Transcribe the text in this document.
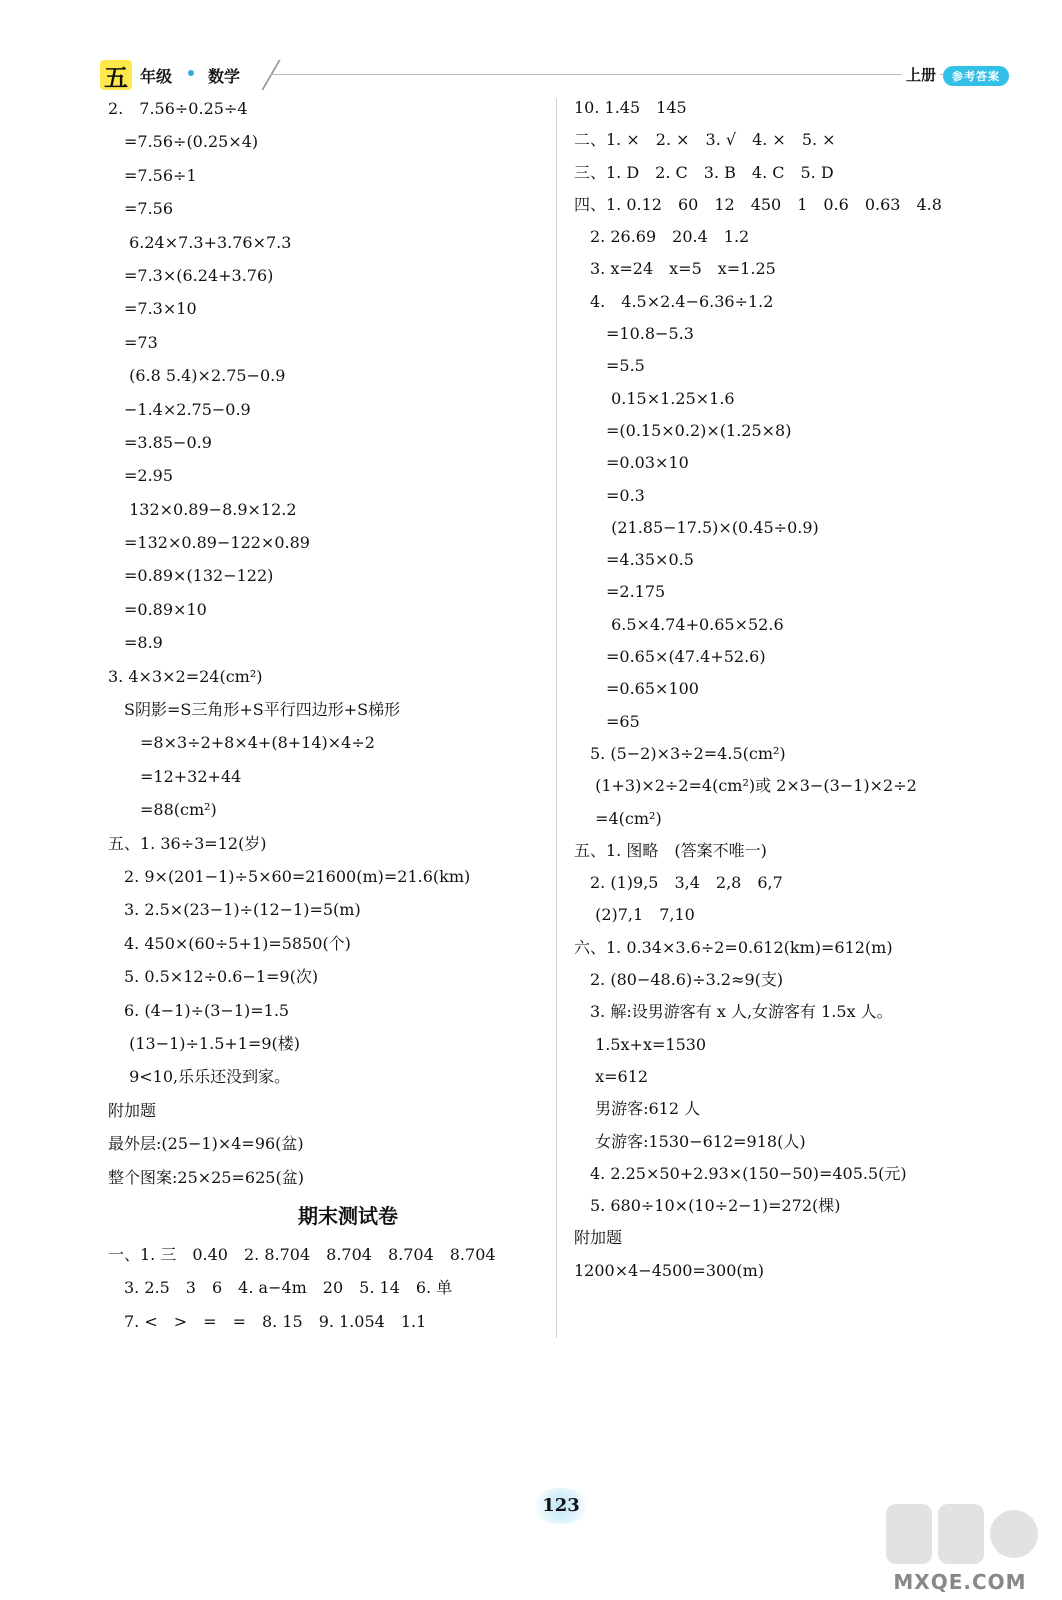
五 年级 数学	上册	参考答案
2.　7.56÷0.25÷4
　=7.56÷(0.25×4)
　=7.56÷1
　=7.56
　 6.24×7.3+3.76×7.3
　=7.3×(6.24+3.76)
　=7.3×10
　=73
　 (6.8 5.4)×2.75−0.9
　−1.4×2.75−0.9
　=3.85−0.9
　=2.95
　 132×0.89−8.9×12.2
　=132×0.89−122×0.89
　=0.89×(132−122)
　=0.89×10
　=8.9
3. 4×3×2=24(cm²)
　S阴影=S三角形+S平行四边形+S梯形
　　=8×3÷2+8×4+(8+14)×4÷2
　　=12+32+44
　　=88(cm²)
五、1. 36÷3=12(岁)
　2. 9×(201−1)÷5×60=21600(m)=21.6(km)
　3. 2.5×(23−1)÷(12−1)=5(m)
　4. 450×(60÷5+1)=5850(个)
　5. 0.5×12÷0.6−1=9(次)
　6. (4−1)÷(3−1)=1.5
　 (13−1)÷1.5+1=9(楼)
　 9<10,乐乐还没到家。
附加题
最外层:(25−1)×4=96(盆)
整个图案:25×25=625(盆)
期末测试卷
一、1. 三　0.40　2. 8.704　8.704　8.704　8.704
　3. 2.5　3　6　4. a−4m　20　5. 14　6. 单
　7. <　>　=　=　8. 15　9. 1.054　1.1
10. 1.45　145
二、1. ×　2. ×　3. √　4. ×　5. ×
三、1. D　2. C　3. B　4. C　5. D
四、1. 0.12　60　12　450　1　0.6　0.63　4.8
　2. 26.69　20.4　1.2
　3. x=24　x=5　x=1.25
　4.　4.5×2.4−6.36÷1.2
　　=10.8−5.3
　　=5.5
　　 0.15×1.25×1.6
　　=(0.15×0.2)×(1.25×8)
　　=0.03×10
　　=0.3
　　 (21.85−17.5)×(0.45÷0.9)
　　=4.35×0.5
　　=2.175
　　 6.5×4.74+0.65×52.6
　　=0.65×(47.4+52.6)
　　=0.65×100
　　=65
　5. (5−2)×3÷2=4.5(cm²)
　 (1+3)×2÷2=4(cm²)或 2×3−(3−1)×2÷2
　 =4(cm²)
五、1. 图略　(答案不唯一)
　2. (1)9,5　3,4　2,8　6,7
　 (2)7,1　7,10
六、1. 0.34×3.6÷2=0.612(km)=612(m)
　2. (80−48.6)÷3.2≈9(支)
　3. 解:设男游客有 x 人,女游客有 1.5x 人。
　 1.5x+x=1530
　 x=612
　 男游客:612 人
　 女游客:1530−612=918(人)
　4. 2.25×50+2.93×(150−50)=405.5(元)
　5. 680÷10×(10÷2−1)=272(棵)
附加题
1200×4−4500=300(m)
123
MXQE.COM
